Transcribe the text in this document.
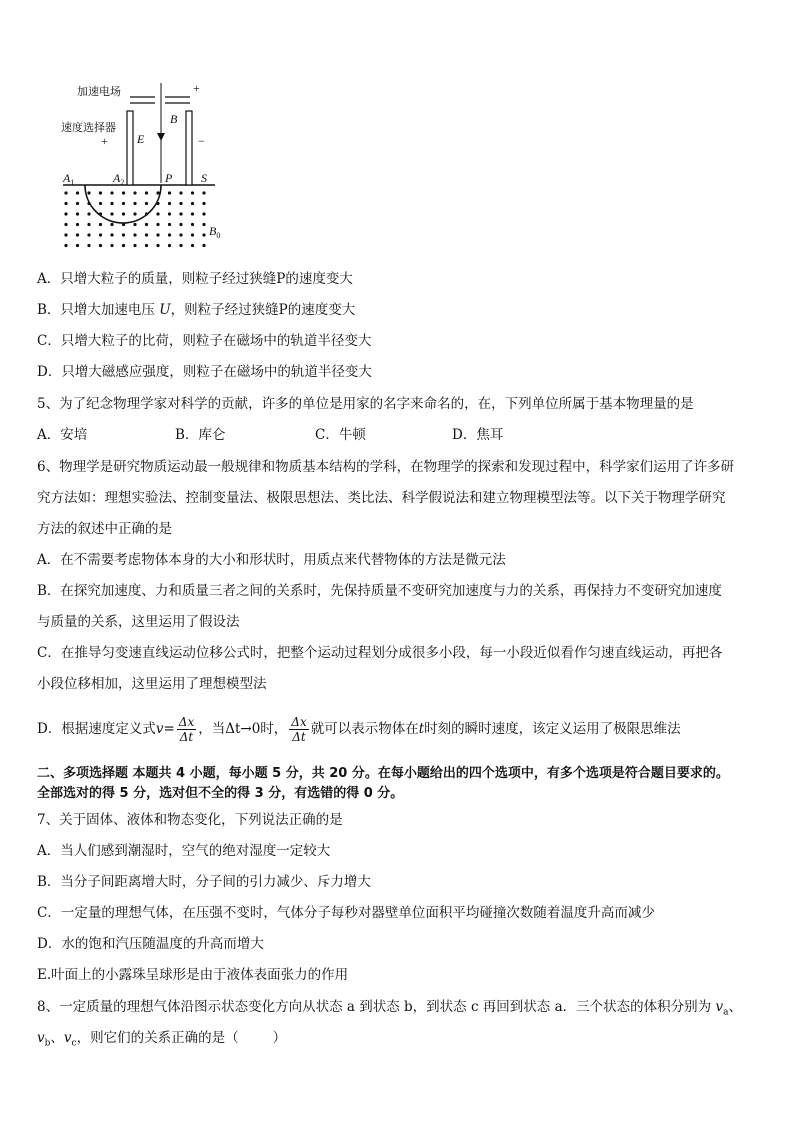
加速电场	+
速度选择器
+ E
B
−
$A_1$	$A_2$	P S
$B_0$
A．只增大粒子的质量，则粒子经过狭缝P的速度变大
B．只增大加速电压 U，则粒子经过狭缝P的速度变大
C．只增大粒子的比荷，则粒子在磁场中的轨道半径变大
D．只增大磁感应强度，则粒子在磁场中的轨道半径变大
5、为了纪念物理学家对科学的贡献，许多的单位是用家的名字来命名的，在，下列单位所属于基本物理量的是
A．安培	B．库仑	C．牛顿	D．焦耳
6、物理学是研究物质运动最一般规律和物质基本结构的学科，在物理学的探索和发现过程中，科学家们运用了许多研
究方法如：理想实验法、控制变量法、极限思想法、类比法、科学假说法和建立物理模型法等。以下关于物理学研究
方法的叙述中正确的是
A．在不需要考虑物体本身的大小和形状时，用质点来代替物体的方法是微元法
B．在探究加速度、力和质量三者之间的关系时，先保持质量不变研究加速度与力的关系，再保持力不变研究加速度
与质量的关系，这里运用了假设法
C．在推导匀变速直线运动位移公式时，把整个运动过程划分成很多小段，每一小段近似看作匀速直线运动，再把各
小段位移相加，这里运用了理想模型法
D．根据速度定义式$v= \frac{\Delta x}{\Delta t}$ ，当Δt→0时， $\frac{\Delta x}{\Delta t}$ 就可以表示物体在t时刻的瞬时速度，该定义运用了极限思维法
二、多项选择题 本题共 4 小题，每小题 5 分，共 20 分。在每小题给出的四个选项中，有多个选项是符合题目要求的。
全部选对的得 5 分，选对但不全的得 3 分，有选错的得 0 分。
7、关于固体、液体和物态变化，下列说法正确的是
A．当人们感到潮湿时，空气的绝对湿度一定较大
B．当分子间距离增大时，分子间的引力减少、斥力增大
C．一定量的理想气体，在压强不变时，气体分子每秒对器壁单位面积平均碰撞次数随着温度升高而减少
D．水的饱和汽压随温度的升高而增大
E.叶面上的小露珠呈球形是由于液体表面张力的作用
8、一定质量的理想气体沿图示状态变化方向从状态 a 到状态 b，到状态 c 再回到状态 a．三个状态的体积分别为 $v_a$、
$v_b$、$v_c$，则它们的关系正确的是（	）
